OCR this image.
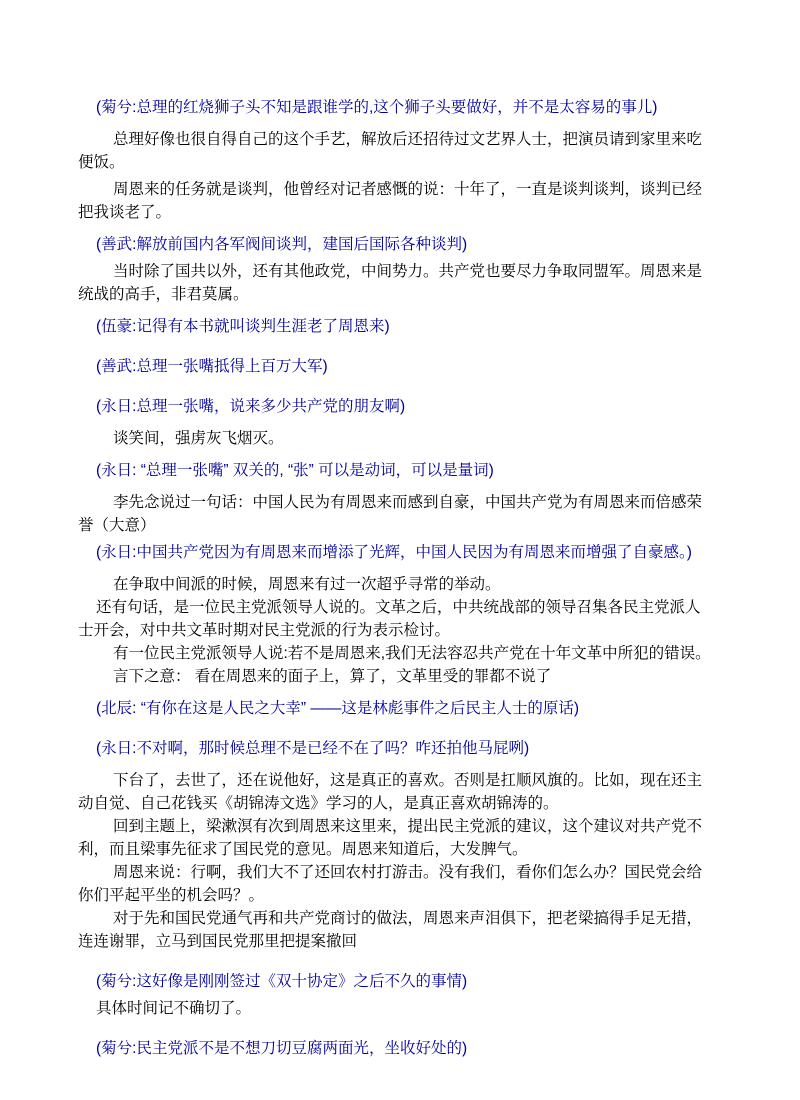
(菊兮:总理的红烧狮子头不知是跟谁学的,这个狮子头要做好，并不是太容易的事儿)

总理好像也很自得自己的这个手艺，解放后还招待过文艺界人士，把演员请到家里来吃便饭。

周恩来的任务就是谈判，他曾经对记者感慨的说：十年了，一直是谈判谈判，谈判已经把我谈老了。

(善武:解放前国内各军阀间谈判，建国后国际各种谈判)

当时除了国共以外，还有其他政党，中间势力。共产党也要尽力争取同盟军。周恩来是统战的高手，非君莫属。

(伍豪:记得有本书就叫谈判生涯老了周恩来)

(善武:总理一张嘴抵得上百万大军)

(永日:总理一张嘴，说来多少共产党的朋友啊)

谈笑间，强虏灰飞烟灭。

(永日: “总理一张嘴” 双关的, “张” 可以是动词，可以是量词)

李先念说过一句话：中国人民为有周恩来而感到自豪，中国共产党为有周恩来而倍感荣誉（大意）

(永日:中国共产党因为有周恩来而增添了光辉，中国人民因为有周恩来而增强了自豪感。)

在争取中间派的时候，周恩来有过一次超乎寻常的举动。

还有句话，是一位民主党派领导人说的。文革之后，中共统战部的领导召集各民主党派人士开会，对中共文革时期对民主党派的行为表示检讨。

有一位民主党派领导人说:若不是周恩来,我们无法容忍共产党在十年文革中所犯的错误。

言下之意： 看在周恩来的面子上，算了，文革里受的罪都不说了

(北辰: “有你在这是人民之大幸” ——这是林彪事件之后民主人士的原话)

(永日:不对啊，那时候总理不是已经不在了吗？咋还拍他马屁咧)

下台了，去世了，还在说他好，这是真正的喜欢。否则是扛顺风旗的。比如，现在还主动自觉、自己花钱买《胡锦涛文选》学习的人，是真正喜欢胡锦涛的。

回到主题上，梁漱溟有次到周恩来这里来，提出民主党派的建议，这个建议对共产党不利，而且梁事先征求了国民党的意见。周恩来知道后，大发脾气。

周恩来说：行啊，我们大不了还回农村打游击。没有我们，看你们怎么办？国民党会给你们平起平坐的机会吗？。

对于先和国民党通气再和共产党商讨的做法，周恩来声泪俱下，把老梁搞得手足无措，连连谢罪，立马到国民党那里把提案撤回

(菊兮:这好像是刚刚签过《双十协定》之后不久的事情)

具体时间记不确切了。

(菊兮:民主党派不是不想刀切豆腐两面光，坐收好处的)
